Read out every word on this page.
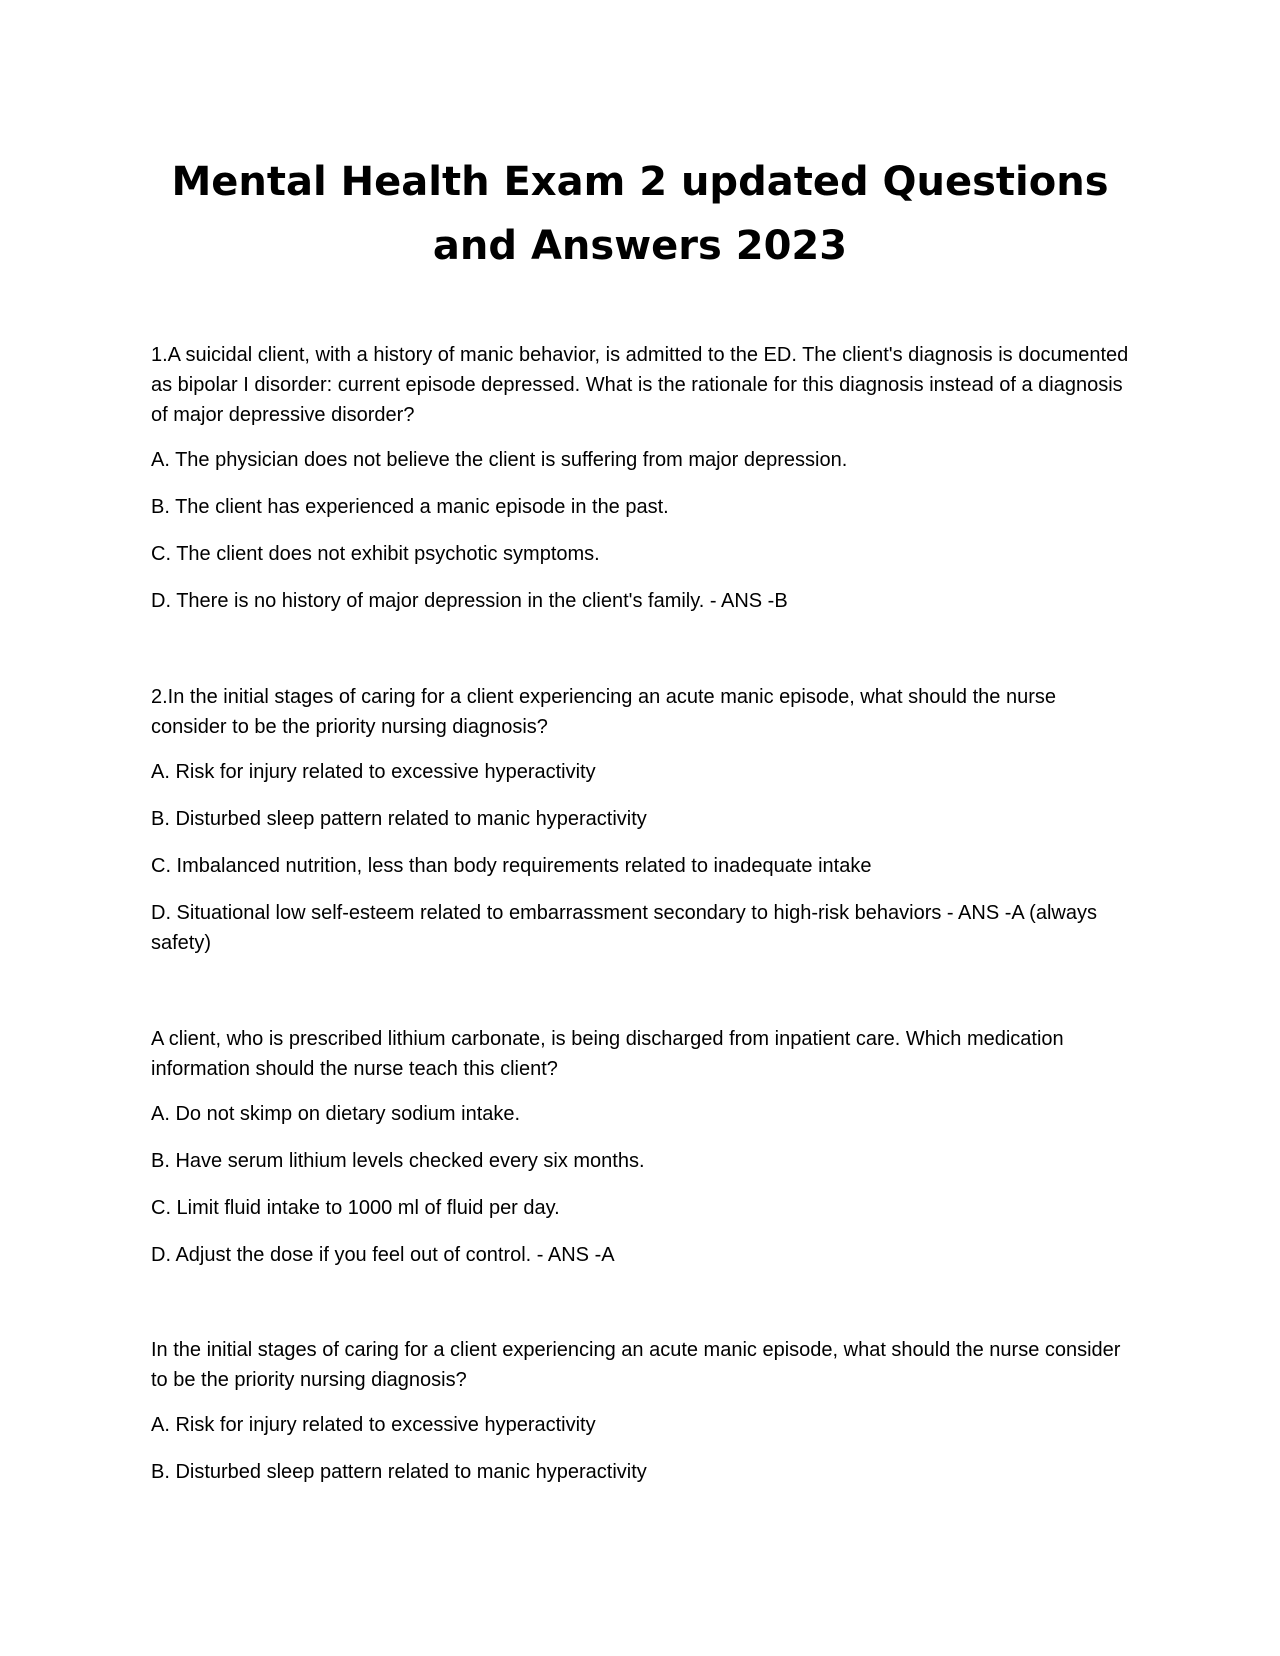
Mental Health Exam 2 updated Questions
and Answers 2023

1.A suicidal client, with a history of manic behavior, is admitted to the ED. The client's diagnosis is documented as bipolar I disorder: current episode depressed. What is the rationale for this diagnosis instead of a diagnosis of major depressive disorder?

A. The physician does not believe the client is suffering from major depression.

B. The client has experienced a manic episode in the past.

C. The client does not exhibit psychotic symptoms.

D. There is no history of major depression in the client's family. - ANS -B

2.In the initial stages of caring for a client experiencing an acute manic episode, what should the nurse consider to be the priority nursing diagnosis?

A. Risk for injury related to excessive hyperactivity

B. Disturbed sleep pattern related to manic hyperactivity

C. Imbalanced nutrition, less than body requirements related to inadequate intake

D. Situational low self-esteem related to embarrassment secondary to high-risk behaviors - ANS -A (always safety)

A client, who is prescribed lithium carbonate, is being discharged from inpatient care. Which medication information should the nurse teach this client?

A. Do not skimp on dietary sodium intake.

B. Have serum lithium levels checked every six months.

C. Limit fluid intake to 1000 ml of fluid per day.

D. Adjust the dose if you feel out of control. - ANS -A

In the initial stages of caring for a client experiencing an acute manic episode, what should the nurse consider to be the priority nursing diagnosis?

A. Risk for injury related to excessive hyperactivity

B. Disturbed sleep pattern related to manic hyperactivity
